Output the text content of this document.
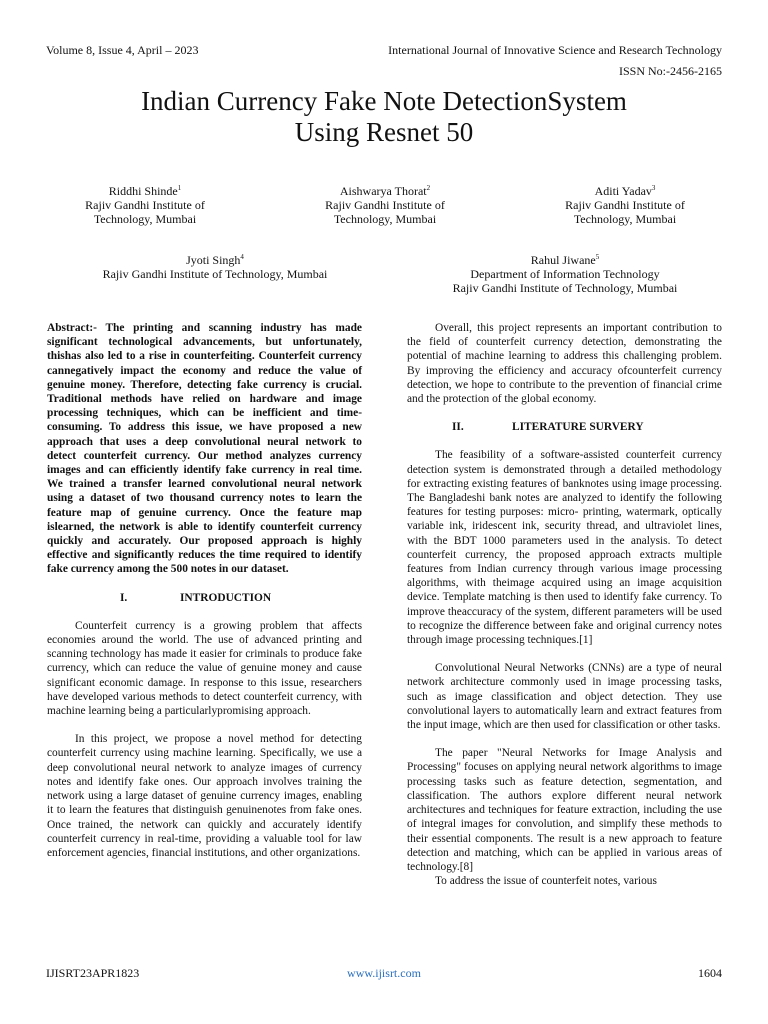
Volume 8, Issue 4, April – 2023	International Journal of Innovative Science and Research Technology
ISSN No:-2456-2165
Indian Currency Fake Note DetectionSystem
Using Resnet 50
Riddhi Shinde$^1$
Rajiv Gandhi Institute of
Technology, Mumbai
Aishwarya Thorat$^2$
Rajiv Gandhi Institute of
Technology, Mumbai
Aditi Yadav$^3$
Rajiv Gandhi Institute of
Technology, Mumbai
Jyoti Singh$^4$
Rajiv Gandhi Institute of Technology, Mumbai
Rahul Jiwane$^5$
Department of Information Technology
Rajiv Gandhi Institute of Technology, Mumbai

Abstract:- The printing and scanning industry has made significant technological advancements, but unfortunately, thishas also led to a rise in counterfeiting. Counterfeit currency cannegatively impact the economy and reduce the value of genuine money. Therefore, detecting fake currency is crucial. Traditional methods have relied on hardware and image processing techniques, which can be inefficient and time-consuming. To address this issue, we have proposed a new approach that uses a deep convolutional neural network to detect counterfeit currency. Our method analyzes currency images and can efficiently identify fake currency in real time. We trained a transfer learned convolutional neural network using a dataset of two thousand currency notes to learn the feature map of genuine currency. Once the feature map islearned, the network is able to identify counterfeit currency quickly and accurately. Our proposed approach is highly effective and significantly reduces the time required to identify fake currency among the 500 notes in our dataset.

I.	INTRODUCTION

Counterfeit currency is a growing problem that affects economies around the world. The use of advanced printing and scanning technology has made it easier for criminals to produce fake currency, which can reduce the value of genuine money and cause significant economic damage. In response to this issue, researchers have developed various methods to detect counterfeit currency, with machine learning being a particularlypromising approach.

In this project, we propose a novel method for detecting counterfeit currency using machine learning. Specifically, we use a deep convolutional neural network to analyze images of currency notes and identify fake ones. Our approach involves training the network using a large dataset of genuine currency images, enabling it to learn the features that distinguish genuinenotes from fake ones. Once trained, the network can quickly and accurately identify counterfeit currency in real-time, providing a valuable tool for law enforcement agencies, financial institutions, and other organizations.

Overall, this project represents an important contribution to the field of counterfeit currency detection, demonstrating the potential of machine learning to address this challenging problem. By improving the efficiency and accuracy ofcounterfeit currency detection, we hope to contribute to the prevention of financial crime and the protection of the global economy.

II.	LITERATURE SURVERY

The feasibility of a software-assisted counterfeit currency detection system is demonstrated through a detailed methodology for extracting existing features of banknotes using image processing. The Bangladeshi bank notes are analyzed to identify the following features for testing purposes: micro- printing, watermark, optically variable ink, iridescent ink, security thread, and ultraviolet lines, with the BDT 1000 parameters used in the analysis. To detect counterfeit currency, the proposed approach extracts multiple features from Indian currency through various image processing algorithms, with theimage acquired using an image acquisition device. Template matching is then used to identify fake currency. To improve theaccuracy of the system, different parameters will be used to recognize the difference between fake and original currency notes through image processing techniques.[1]

Convolutional Neural Networks (CNNs) are a type of neural network architecture commonly used in image processing tasks, such as image classification and object detection. They use convolutional layers to automatically learn and extract features from the input image, which are then used for classification or other tasks.

The paper "Neural Networks for Image Analysis and Processing" focuses on applying neural network algorithms to image processing tasks such as feature detection, segmentation, and classification. The authors explore different neural network architectures and techniques for feature extraction, including the use of integral images for convolution, and simplify these methods to their essential components. The result is a new approach to feature detection and matching, which can be applied in various areas of technology.[8]

To address the issue of counterfeit notes, various

IJISRT23APR1823	www.ijisrt.com	1604
